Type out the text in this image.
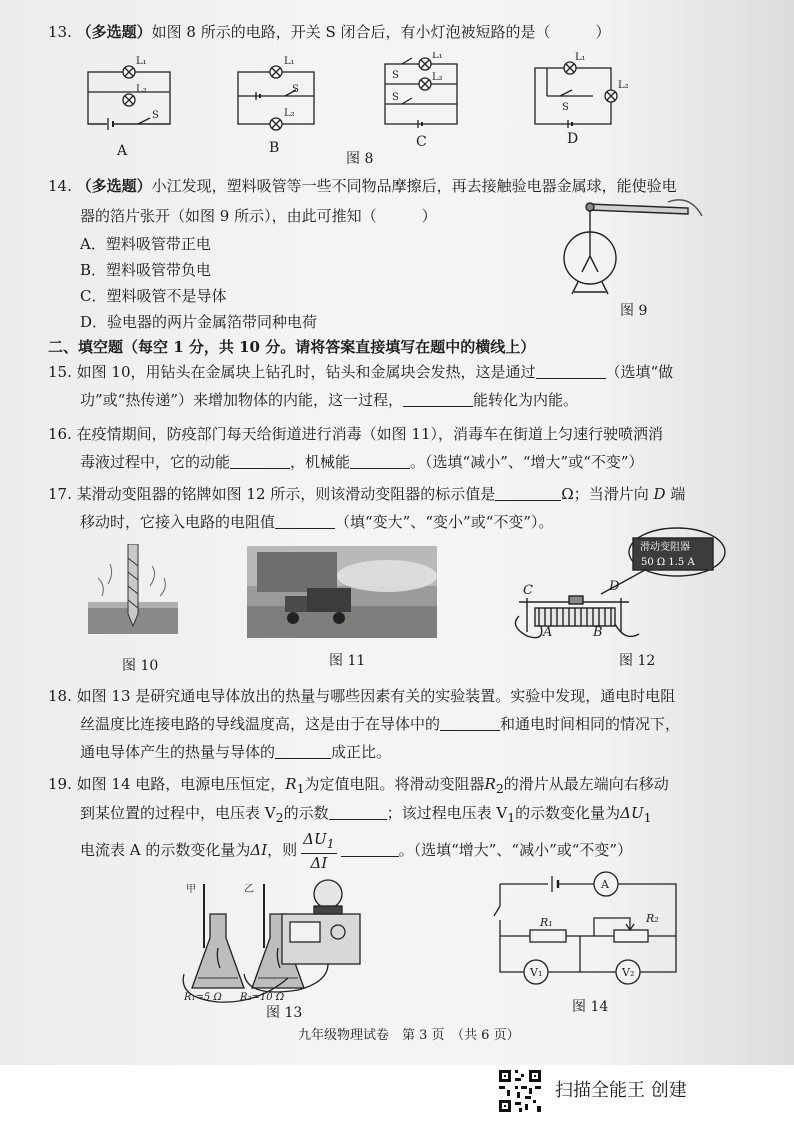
13. （多选题）如图 8 所示的电路，开关 S 闭合后，有小灯泡被短路的是（　　　）
L₁
L₂
S
L₁
S
L₂
L₁
L₂
S
S
L₁
L₂
S
A	B	C	D
图 8
14. （多选题）小江发现，塑料吸管等一些不同物品摩擦后，再去接触验电器金属球，能使验电
器的箔片张开（如图 9 所示），由此可推知（　　　）
A．塑料吸管带正电
B．塑料吸管带负电
C．塑料吸管不是导体
D．验电器的两片金属箔带同种电荷
图 9
二、填空题（每空 1 分，共 10 分。请将答案直接填写在题中的横线上）
15. 如图 10，用钻头在金属块上钻孔时，钻头和金属块会发热，这是通过	（选填“做
功”或“热传递”）来增加物体的内能，这一过程，	能转化为内能。
16. 在疫情期间，防疫部门每天给街道进行消毒（如图 11），消毒车在街道上匀速行驶喷洒消
毒液过程中，它的动能	，机械能	。（选填“减小”、“增大”或“不变”）
17. 某滑动变阻器的铭牌如图 12 所示，则该滑动变阻器的标示值是	Ω；当滑片向 D 端
移动时，它接入电路的电阻值	（填“变大”、“变小”或“不变”）。
图 10	图 11
滑动变阻器
50 Ω 1.5 A
C	D
A	B
图 12
18. 如图 13 是研究通电导体放出的热量与哪些因素有关的实验装置。实验中发现，通电时电阻
丝温度比连接电路的导线温度高，这是由于在导体中的	和通电时间相同的情况下，
通电导体产生的热量与导体的	成正比。
19. 如图 14 电路，电源电压恒定，$R_1$为定值电阻。将滑动变阻器$R_2$的滑片从最左端向右移动
到某位置的过程中，电压表 $V_2$的示数	；该过程电压表 $V_1$的示数变化量为$\Delta U_1$
电流表 A 的示数变化量为ΔI，则 $\frac{\Delta U_1}{\Delta I}$	。（选填“增大”、“减小”或“不变”）
甲	乙
R₁=5 Ω R₂=10 Ω
图 13
A
V₁	V₂
R₁	R₂
图 14
九年级物理试卷　第 3 页　（共 6 页）
扫描全能王 创建
